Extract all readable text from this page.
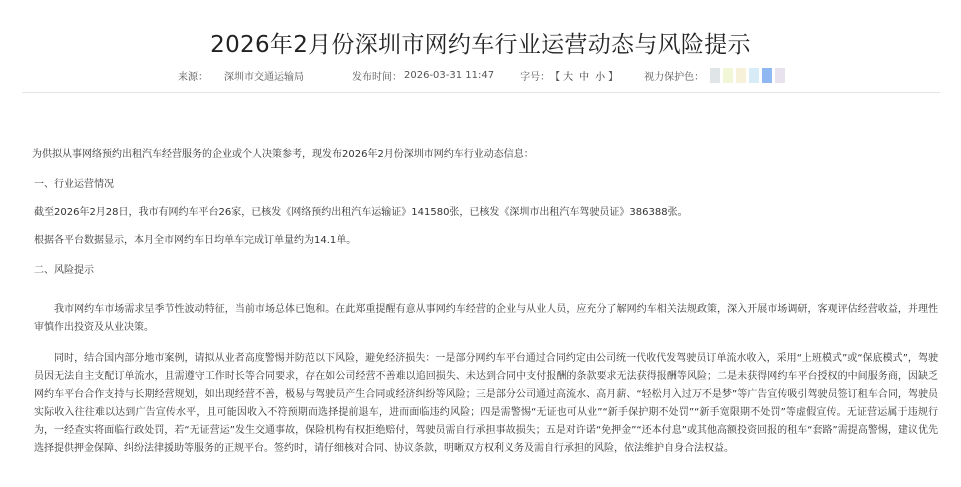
2026年2月份深圳市网约车行业运营动态与风险提示
来源： 深圳市交通运输局	发布时间： 2026-03-31 11:47	字号： 【 大 中 小 】	视力保护色：

为供拟从事网络预约出租汽车经营服务的企业或个人决策参考，现发布2026年2月份深圳市网约车行业动态信息：

一、行业运营情况

截至2026年2月28日，我市有网约车平台26家，已核发《网络预约出租汽车运输证》141580张，已核发《深圳市出租汽车驾驶员证》386388张。

根据各平台数据显示，本月全市网约车日均单车完成订单量约为14.1单。

二、风险提示

我市网约车市场需求呈季节性波动特征，当前市场总体已饱和。在此郑重提醒有意从事网约车经营的企业与从业人员，应充分了解网约车相关法规政策，深入开展市场调研，客观评估经营收益，并理性审慎作出投资及从业决策。

同时，结合国内部分地市案例，请拟从业者高度警惕并防范以下风险，避免经济损失：一是部分网约车平台通过合同约定由公司统一代收代发驾驶员订单流水收入，采用“上班模式”或“保底模式”，驾驶员因无法自主支配订单流水，且需遵守工作时长等合同要求，存在如公司经营不善难以追回损失、未达到合同中支付报酬的条款要求无法获得报酬等风险；二是未获得网约车平台授权的中间服务商，因缺乏网约车平台合作支持与长期经营规划，如出现经营不善，极易与驾驶员产生合同或经济纠纷等风险；三是部分公司通过高流水、高月薪、“轻松月入过万不是梦”等广告宣传吸引驾驶员签订租车合同，驾驶员实际收入往往难以达到广告宣传水平，且可能因收入不符预期而选择提前退车，进而面临违约风险；四是需警惕“无证也可从业”“新手保护期不处罚”“新手宽限期不处罚”等虚假宣传。无证营运属于违规行为，一经查实将面临行政处罚，若“无证营运”发生交通事故，保险机构有权拒绝赔付，驾驶员需自行承担事故损失；五是对许诺“免押金”“还本付息”或其他高额投资回报的租车“套路”需提高警惕，建议优先选择提供押金保障、纠纷法律援助等服务的正规平台。签约时，请仔细核对合同、协议条款，明晰双方权利义务及需自行承担的风险，依法维护自身合法权益。
